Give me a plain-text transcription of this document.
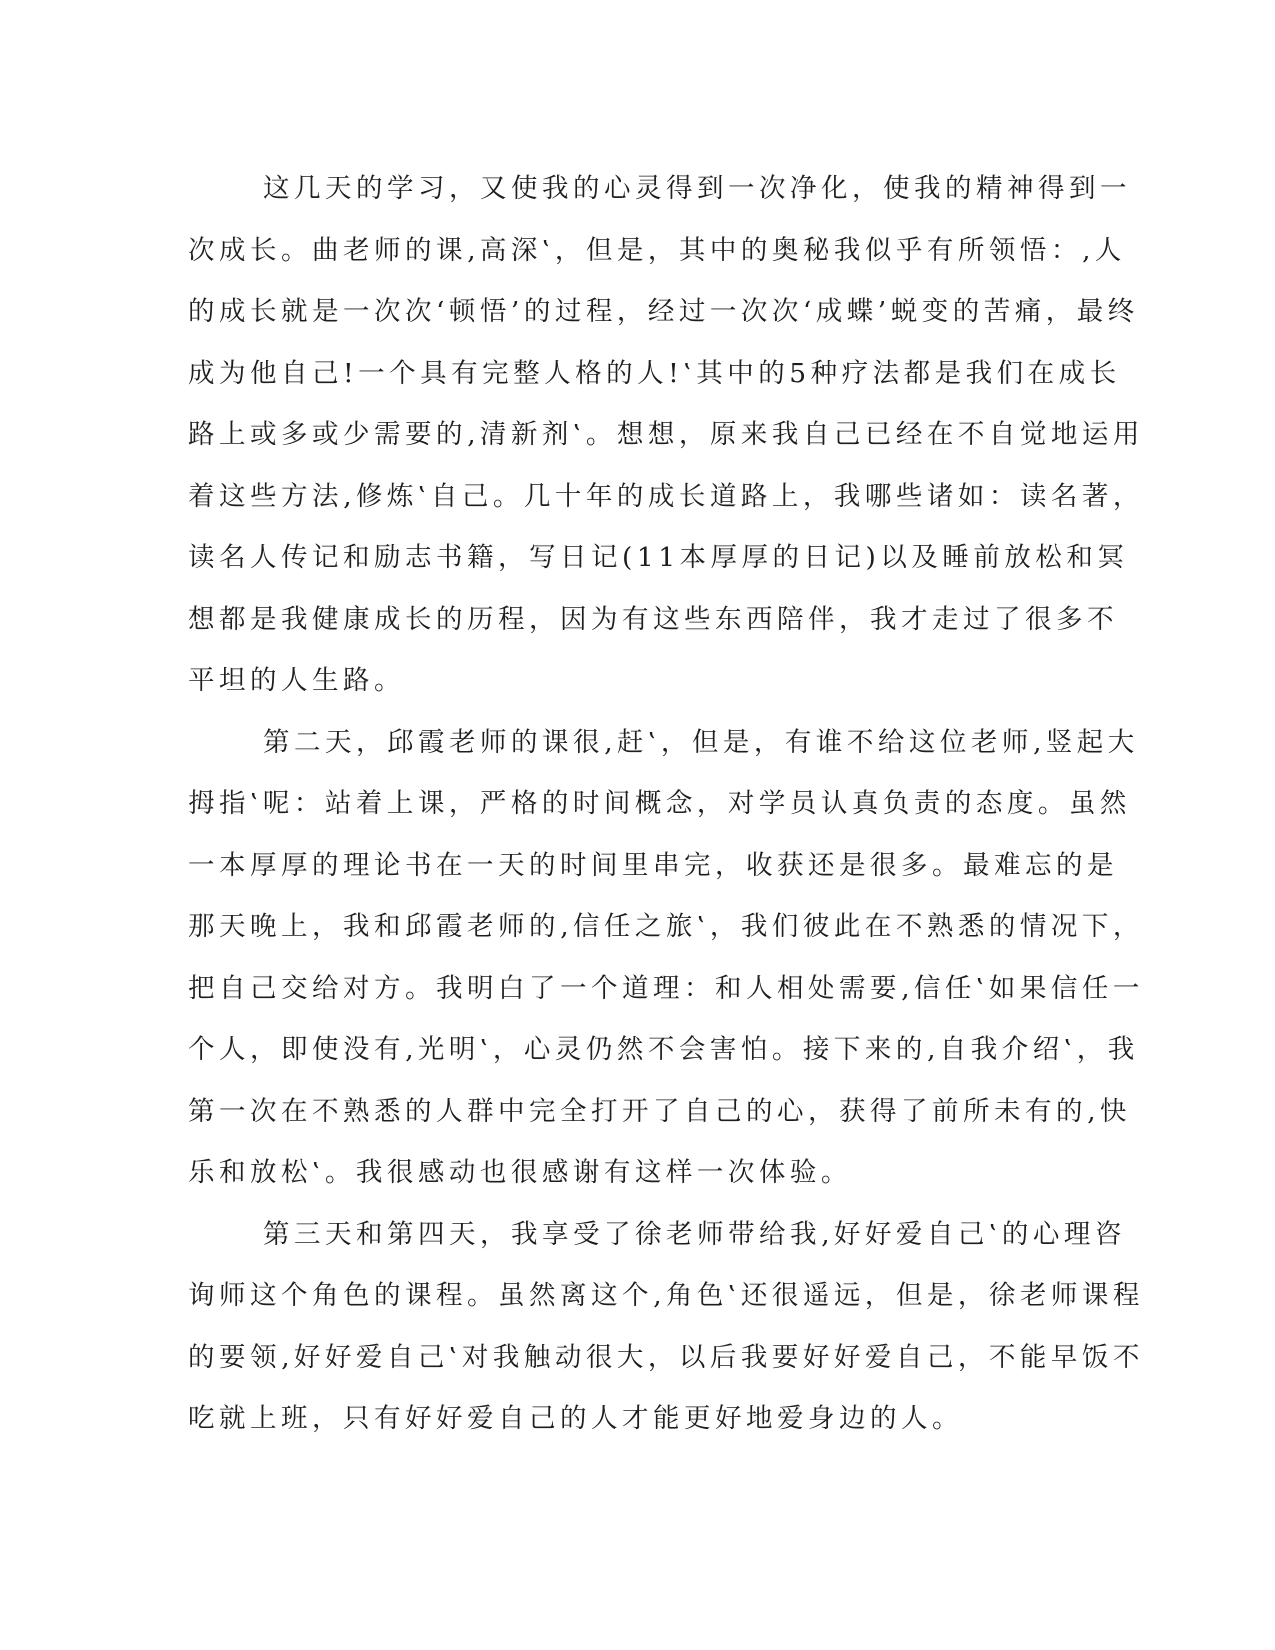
这几天的学习，又使我的心灵得到一次净化，使我的精神得到一
次成长。曲老师的课‚高深‛，但是，其中的奥秘我似乎有所领悟：‚人
的成长就是一次次‘顿悟’的过程，经过一次次‘成蝶’蜕变的苦痛，最终
成为他自己!一个具有完整人格的人!‛其中的5种疗法都是我们在成长
路上或多或少需要的‚清新剂‛。想想，原来我自己已经在不自觉地运用
着这些方法‚修炼‛自己。几十年的成长道路上，我哪些诸如：读名著，
读名人传记和励志书籍，写日记(11本厚厚的日记)以及睡前放松和冥
想都是我健康成长的历程，因为有这些东西陪伴，我才走过了很多不
平坦的人生路。
第二天，邱霞老师的课很‚赶‛，但是，有谁不给这位老师‚竖起大
拇指‛呢：站着上课，严格的时间概念，对学员认真负责的态度。虽然
一本厚厚的理论书在一天的时间里串完，收获还是很多。最难忘的是
那天晚上，我和邱霞老师的‚信任之旅‛，我们彼此在不熟悉的情况下，
把自己交给对方。我明白了一个道理：和人相处需要‚信任‛如果信任一
个人，即使没有‚光明‛，心灵仍然不会害怕。接下来的‚自我介绍‛，我
第一次在不熟悉的人群中完全打开了自己的心，获得了前所未有的‚快
乐和放松‛。我很感动也很感谢有这样一次体验。
第三天和第四天，我享受了徐老师带给我‚好好爱自己‛的心理咨
询师这个角色的课程。虽然离这个‚角色‛还很遥远，但是，徐老师课程
的要领‚好好爱自己‛对我触动很大，以后我要好好爱自己，不能早饭不
吃就上班，只有好好爱自己的人才能更好地爱身边的人。
